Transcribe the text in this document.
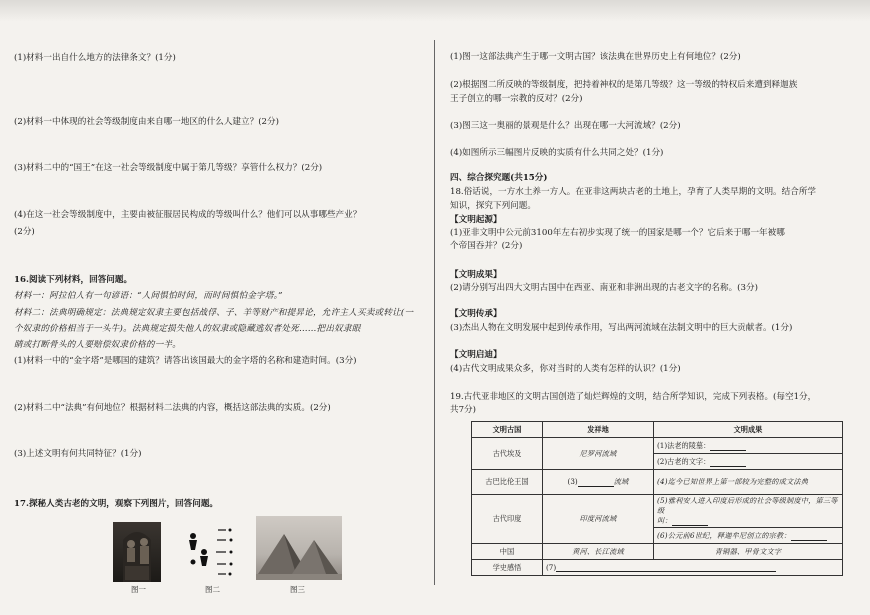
(1)材料一出自什么地方的法律条文？(1分)
(2)材料一中体现的社会等级制度由来自哪一地区的什么人建立？(2分)
(3)材料二中的“国王”在这一社会等级制度中属于第几等级？享管什么权力？(2分)
(4)在这一社会等级制度中，主要由被征服居民构成的等级叫什么？他们可以从事哪些产业？
(2分)
16.阅读下列材料，回答问题。
材料一：阿拉伯人有一句谚语：“人间惧怕时间，而时间惧怕金字塔。”
材料二：法典明确规定：法典规定奴隶主要包括战俘、子、羊等财产和提昇论，允许主人买卖或转让(一
个奴隶的价格相当于一头牛)。法典规定损失他人的奴隶或隐藏逃奴者处死……把出奴隶眼
睛或打断骨头的人要赔偿奴隶价格的一半。
(1)材料一中的“金字塔”是哪国的建筑？请答出该国最大的金字塔的名称和建造时间。(3分)
(2)材料二中“法典”有何地位？根据材料二法典的内容，概括这部法典的实质。(2分)
(3)上述文明有何共同特征？(1分)
17.探秘人类古老的文明，观察下列图片，回答问题。
图一	图二	图三
(1)图一这部法典产生于哪一文明古国？该法典在世界历史上有何地位？(2分)
(2)根据图二所反映的等级制度，把持着神权的是第几等级？这一等级的特权后来遭到释迦族
王子创立的哪一宗教的反对？(2分)
(3)图三这一奥丽的景观是什么？出现在哪一大河流域？(2分)
(4)如图所示三幅图片反映的实质有什么共同之处？(1分)
四、综合探究题(共15分)
18.俗话说，一方水土养一方人。在亚非这两块古老的土地上，孕育了人类早期的文明。结合所学
知识，探究下列问题。
【文明起源】
(1)亚非文明中公元前3100年左右初步实现了统一的国家是哪一个？它后来于哪一年被哪
个帝国吞并？(2分)
【文明成果】
(2)请分别写出四大文明古国中在西亚、南亚和非洲出现的古老文字的名称。(3分)
【文明传承】
(3)杰出人物在文明发展中起到传承作用，写出两河流域在法制文明中的巨大贡献者。(1分)
【文明启迪】
(4)古代文明成果众多，你对当时的人类有怎样的认识？(1分)
19.古代亚非地区的文明古国创造了灿烂辉煌的文明，结合所学知识，完成下列表格。(每空1分，
共7分)
文明古国	发祥地	文明成果
古代埃及	尼罗河流域	(1)法老的陵墓：
		(2)古老的文字：
古巴比伦王国	(3) 流域	(4)迄今已知世界上第一部较为完整的成文法典
古代印度	印度河流域	(5)雅利安人进入印度后形成的社会等级制度中，第三等级
叫：

		(6)公元前6世纪，释迦牟尼创立的宗教：
中国	黄河、长江流域	青铜器、甲骨文文字
学史感悟	(7)	
